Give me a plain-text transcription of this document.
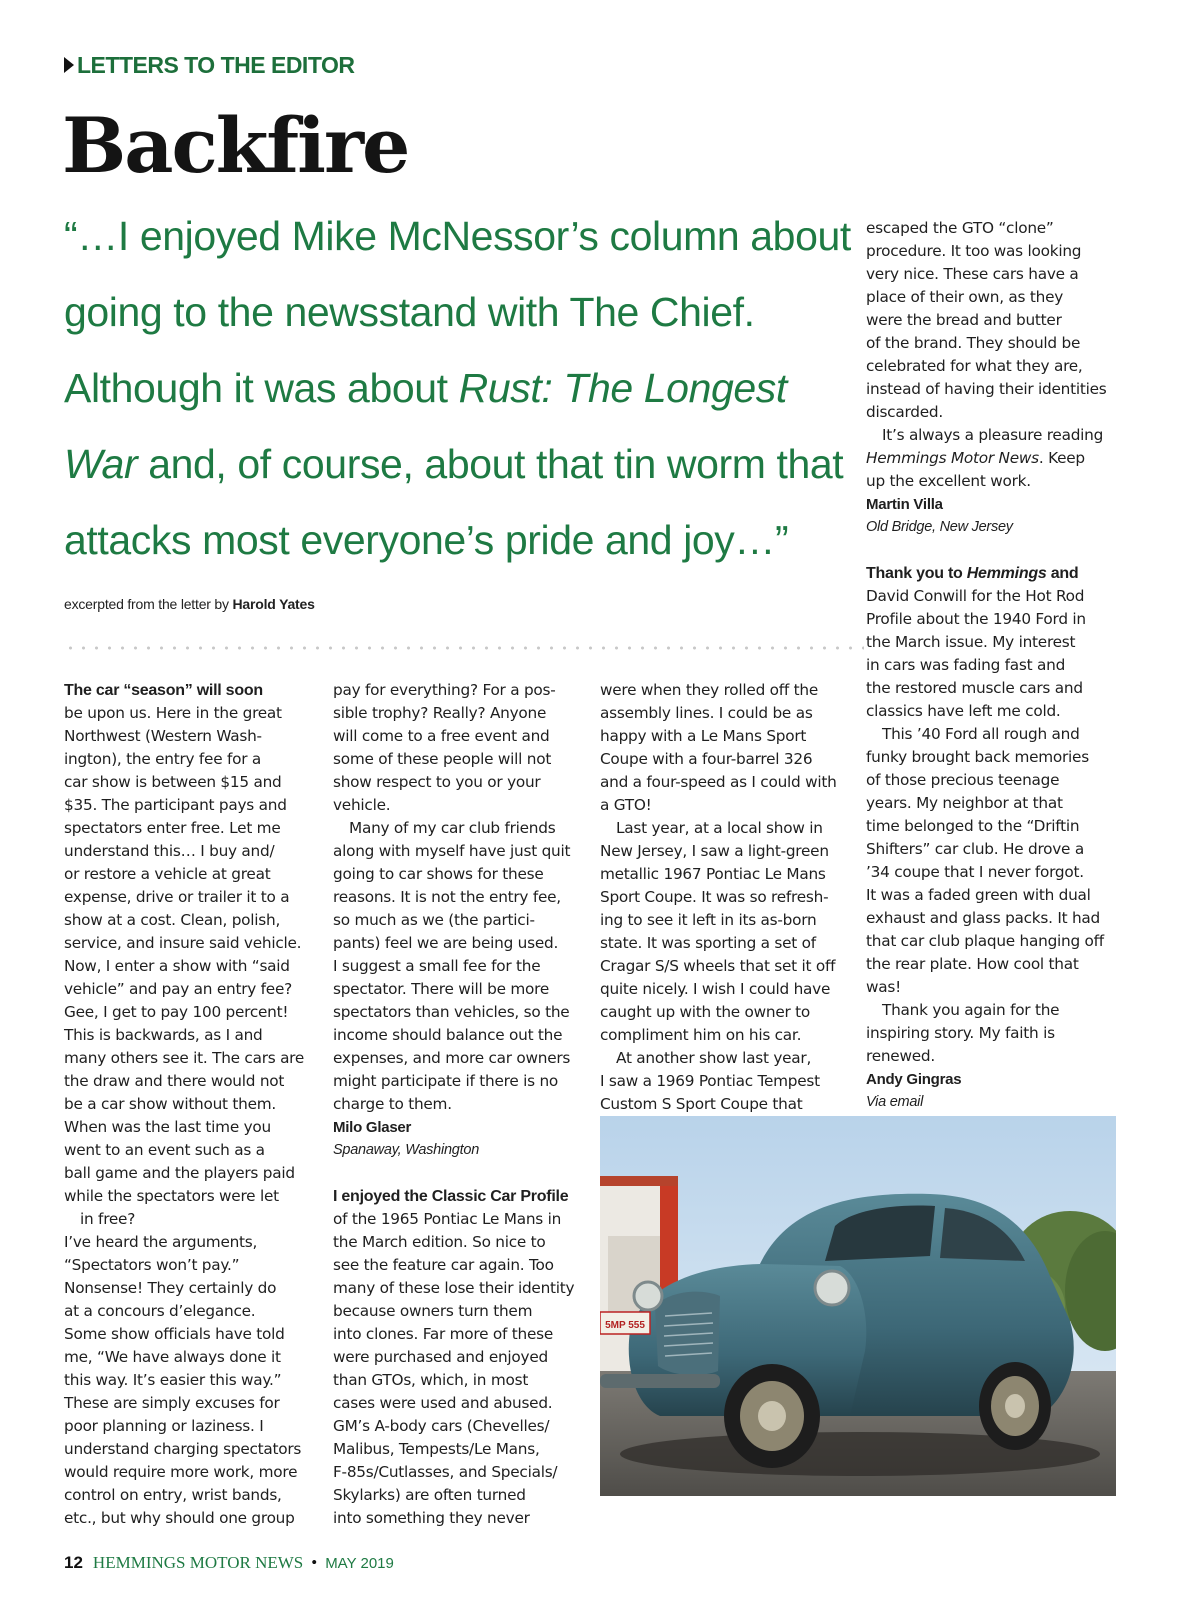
LETTERS TO THE EDITOR
Backfire
“…I enjoyed Mike McNessor’s column about
going to the newsstand with The Chief.
Although it was about Rust: The Longest
War and, of course, about that tin worm that
attacks most everyone’s pride and joy…”
excerpted from the letter by Harold Yates
The car “season” will soon
be upon us. Here in the great
Northwest (Western Wash-
ington), the entry fee for a
car show is between $15 and
$35. The participant pays and
spectators enter free. Let me
understand this… I buy and/
or restore a vehicle at great
expense, drive or trailer it to a
show at a cost. Clean, polish,
service, and insure said vehicle.
Now, I enter a show with “said
vehicle” and pay an entry fee?
Gee, I get to pay 100 percent!
This is backwards, as I and
many others see it. The cars are
the draw and there would not
be a car show without them.
When was the last time you
went to an event such as a
ball game and the players paid
while the spectators were let
in free?
I’ve heard the arguments,
“Spectators won’t pay.”
Nonsense! They certainly do
at a concours d’elegance.
Some show officials have told
me, “We have always done it
this way. It’s easier this way.”
These are simply excuses for
poor planning or laziness. I
understand charging spectators
would require more work, more
control on entry, wrist bands,
etc., but why should one group
pay for everything? For a pos-
sible trophy? Really? Anyone
will come to a free event and
some of these people will not
show respect to you or your
vehicle.
Many of my car club friends
along with myself have just quit
going to car shows for these
reasons. It is not the entry fee,
so much as we (the partici-
pants) feel we are being used.
I suggest a small fee for the
spectator. There will be more
spectators than vehicles, so the
income should balance out the
expenses, and more car owners
might participate if there is no
charge to them.
Milo Glaser
Spanaway, Washington
I enjoyed the Classic Car Profile
of the 1965 Pontiac Le Mans in
the March edition. So nice to
see the feature car again. Too
many of these lose their identity
because owners turn them
into clones. Far more of these
were purchased and enjoyed
than GTOs, which, in most
cases were used and abused.
GM’s A-body cars (Chevelles/
Malibus, Tempests/Le Mans,
F-85s/Cutlasses, and Specials/
Skylarks) are often turned
into something they never
were when they rolled off the
assembly lines. I could be as
happy with a Le Mans Sport
Coupe with a four-barrel 326
and a four-speed as I could with
a GTO!
Last year, at a local show in
New Jersey, I saw a light-green
metallic 1967 Pontiac Le Mans
Sport Coupe. It was so refresh-
ing to see it left in its as-born
state. It was sporting a set of
Cragar S/S wheels that set it off
quite nicely. I wish I could have
caught up with the owner to
compliment him on his car.
At another show last year,
I saw a 1969 Pontiac Tempest
Custom S Sport Coupe that
escaped the GTO “clone”
procedure. It too was looking
very nice. These cars have a
place of their own, as they
were the bread and butter
of the brand. They should be
celebrated for what they are,
instead of having their identities
discarded.
It’s always a pleasure reading
Hemmings Motor News. Keep
up the excellent work.
Martin Villa
Old Bridge, New Jersey
Thank you to Hemmings and
David Conwill for the Hot Rod
Profile about the 1940 Ford in
the March issue. My interest
in cars was fading fast and
the restored muscle cars and
classics have left me cold.
This ’40 Ford all rough and
funky brought back memories
of those precious teenage
years. My neighbor at that
time belonged to the “Driftin
Shifters” car club. He drove a
’34 coupe that I never forgot.
It was a faded green with dual
exhaust and glass packs. It had
that car club plaque hanging off
the rear plate. How cool that
was!
Thank you again for the
inspiring story. My faith is
renewed.
Andy Gingras
Via email
5MP 555
12 HEMMINGS MOTOR NEWS • MAY 2019
